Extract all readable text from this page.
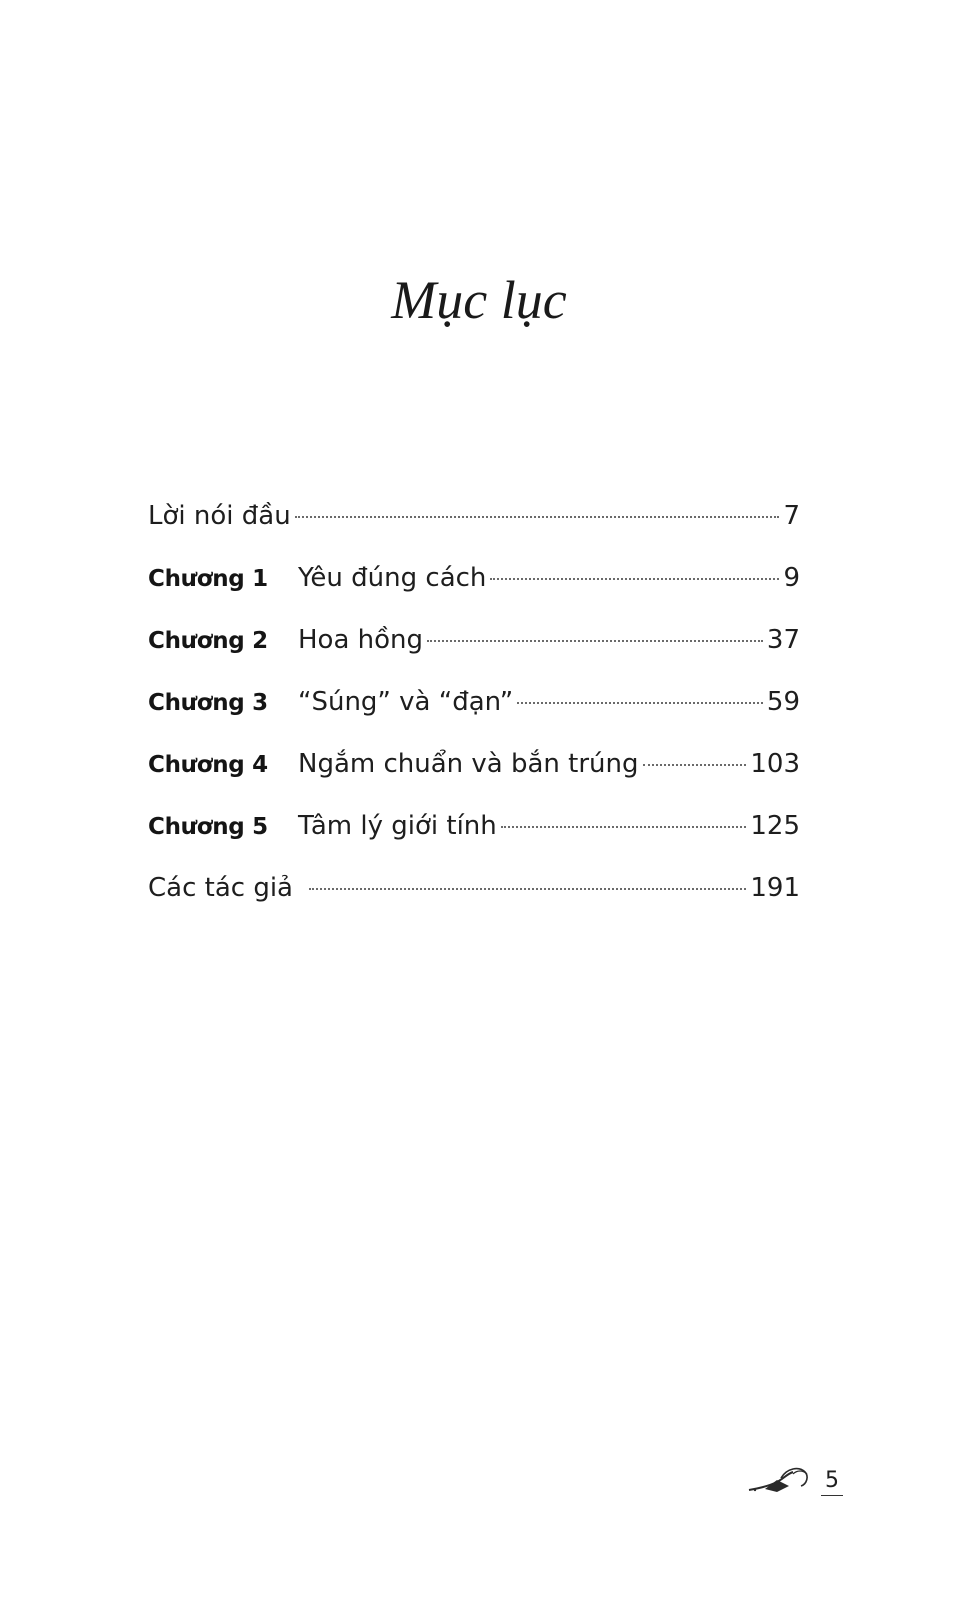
Mục lục
Lời nói đầu	7
Chương 1	Yêu đúng cách	9
Chương 2	Hoa hồng	37
Chương 3	“Súng” và “đạn”	59
Chương 4	Ngắm chuẩn và bắn trúng	103
Chương 5	Tâm lý giới tính	125
Các tác giả	191
5
